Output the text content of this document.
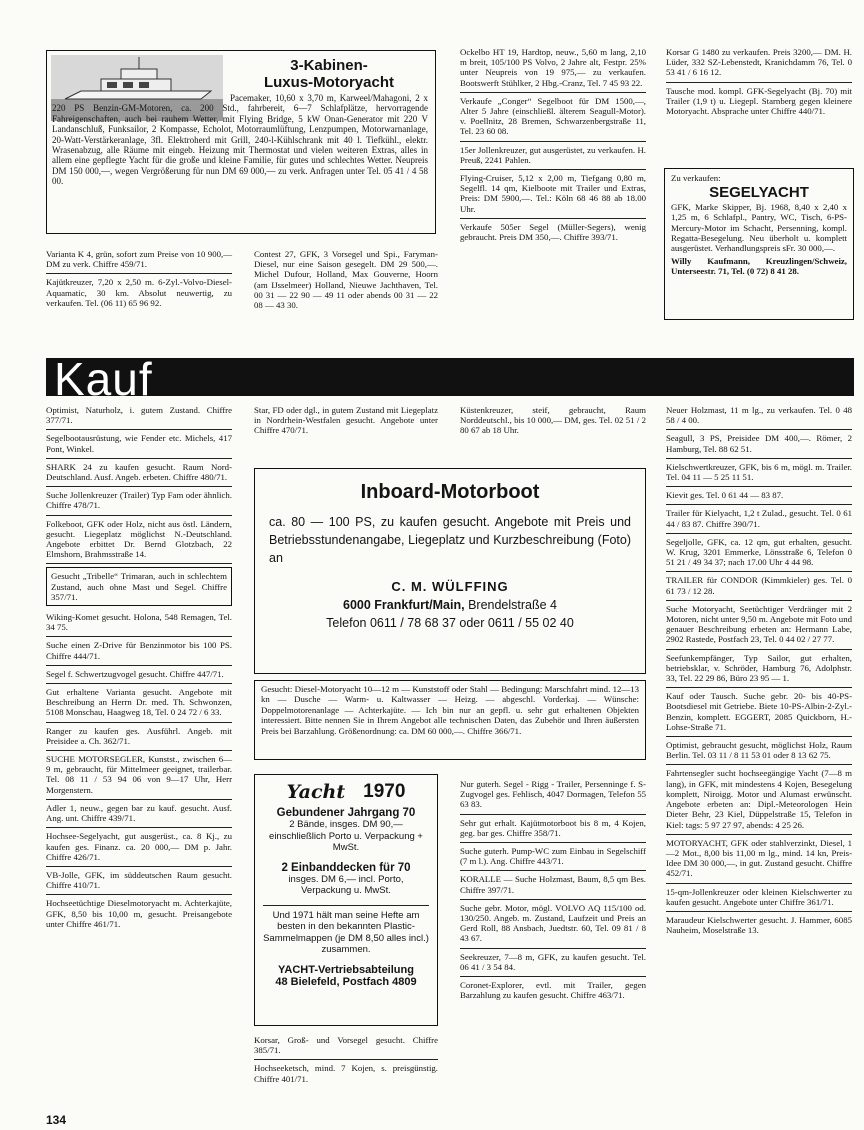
3-Kabinen-
Luxus-Motoryacht
Pacemaker, 10,60 x 3,70 m, Karweel/Mahagoni, 2 x 220 PS Benzin-GM-Motoren, ca. 200 Std., fahrbereit, 6—7 Schlafplätze, hervorragende Fahreigenschaften, auch bei rauhem Wetter, mit Flying Bridge, 5 kW Onan-Generator mit 220 V Landanschluß, Funksailor, 2 Kompasse, Echolot, Motorraumlüftung, Lenzpumpen, Motorwarnanlage, 20-Watt-Verstärkeranlage, 3fl. Elektroherd mit Grill, 240-l-Kühlschrank mit 40 l. Tiefkühl., elektr. Wrasenabzug, alle Räume mit eingeb. Heizung mit Thermostat und vielen weiteren Extras, alles in allem eine gepflegte Yacht für die große und kleine Familie, für gutes und schlechtes Wetter. Neupreis DM 150 000,—, wegen Vergrößerung für nun DM 69 000,— zu verk. Anfragen unter Tel. 05 41 / 4 58 00.

Varianta K 4, grün, sofort zum Preise von 10 900,— DM zu verk. Chiffre 459/71.

Kajütkreuzer, 7,20 x 2,50 m. 6-Zyl.-Volvo-Diesel-Aquamatic, 30 km. Absolut neuwertig, zu verkaufen. Tel. (06 11) 65 96 92.

Contest 27, GFK, 3 Vorsegel und Spi., Faryman-Diesel, nur eine Saison gesegelt. DM 29 500,—. Michel Dufour, Holland, Max Gouverne, Hoorn (am IJsselmeer) Holland, Nieuwe Jachthaven, Tel. 00 31 — 22 90 — 49 11 oder abends 00 31 — 22 08 — 43 30.

Ockelbo HT 19, Hardtop, neuw., 5,60 m lang, 2,10 m breit, 105/100 PS Volvo, 2 Jahre alt, Festpr. 25% unter Neupreis von 19 975,— zu verkaufen. Bootswerft Stühlker, 2 Hbg.-Cranz, Tel. 7 45 93 22.

Verkaufe „Conger“ Segelboot für DM 1500,—, Alter 5 Jahre (einschließl. älterem Seagull-Motor). v. Poellnitz, 28 Bremen, Schwarzenbergstraße 11, Tel. 23 60 08.

15er Jollenkreuzer, gut ausgerüstet, zu verkaufen. H. Preuß, 2241 Pahlen.

Flying-Cruiser, 5,12 x 2,00 m, Tiefgang 0,80 m, Segelfl. 14 qm, Kielboote mit Trailer und Extras, Preis: DM 5900,—. Tel.: Köln 68 46 88 ab 18.00 Uhr.

Verkaufe 505er Segel (Müller-Segers), wenig gebraucht. Preis DM 350,—. Chiffre 393/71.

Korsar G 1480 zu verkaufen. Preis 3200,— DM. H. Lüder, 332 SZ-Lebenstedt, Kranichdamm 76, Tel. 0 53 41 / 6 16 12.

Tausche mod. kompl. GFK-Segelyacht (Bj. 70) mit Trailer (1,9 t) u. Liegepl. Starnberg gegen kleinere Motoryacht. Absprache unter Chiffre 440/71.

Zu verkaufen:
SEGELYACHT
GFK, Marke Skipper, Bj. 1968, 8,40 x 2,40 x 1,25 m, 6 Schlafpl., Pantry, WC, Tisch, 6-PS-Mercury-Motor im Schacht, Persenning, kompl. Regatta-Besegelung. Neu überholt u. komplett ausgerüstet. Verhandlungspreis sFr. 30 000,—.
Willy Kaufmann, Kreuzlingen/Schweiz, Unterseestr. 71, Tel. (0 72) 8 41 28.
Kauf

Optimist, Naturholz, i. gutem Zustand. Chiffre 377/71.

Segelbootausrüstung, wie Fender etc. Michels, 417 Pont, Winkel.

SHARK 24 zu kaufen gesucht. Raum Nord-Deutschland. Ausf. Angeb. erbeten. Chiffre 480/71.

Suche Jollenkreuzer (Trailer) Typ Fam oder ähnlich. Chiffre 478/71.

Folkeboot, GFK oder Holz, nicht aus östl. Ländern, gesucht. Liegeplatz möglichst N.-Deutschland. Angebote erbittet Dr. Bernd Glotzbach, 22 Elmshorn, Brahmsstraße 14.

Gesucht „Tribelle“ Trimaran, auch in schlechtem Zustand, auch ohne Mast und Segel. Chiffre 357/71.

Wiking-Komet gesucht. Holona, 548 Remagen, Tel. 34 75.

Suche einen Z-Drive für Benzinmotor bis 100 PS. Chiffre 444/71.

Segel f. Schwertzugvogel gesucht. Chiffre 447/71.

Gut erhaltene Varianta gesucht. Angebote mit Beschreibung an Herrn Dr. med. Th. Schwonzen, 5108 Monschau, Haagweg 18, Tel. 0 24 72 / 6 33.

Ranger zu kaufen ges. Ausführl. Angeb. mit Preisidee a. Ch. 362/71.

SUCHE MOTORSEGLER, Kunstst., zwischen 6—9 m, gebraucht, für Mittelmeer geeignet, trailerbar. Tel. 08 11 / 53 94 06 von 9—17 Uhr, Herr Morgenstern.

Adler 1, neuw., gegen bar zu kauf. gesucht. Ausf. Ang. unt. Chiffre 439/71.

Hochsee-Segelyacht, gut ausgerüst., ca. 8 Kj., zu kaufen ges. Finanz. ca. 20 000,— DM p. Jahr. Chiffre 426/71.

VB-Jolle, GFK, im süddeutschen Raum gesucht. Chiffre 410/71.

Hochseetüchtige Dieselmotoryacht m. Achterkajüte, GFK, 8,50 bis 10,00 m, gesucht. Preisangebote unter Chiffre 461/71.

Star, FD oder dgl., in gutem Zustand mit Liegeplatz in Nordrhein-Westfalen gesucht. Angebote unter Chiffre 470/71.

Küstenkreuzer, steif, gebraucht, Raum Norddeutschl., bis 10 000,— DM, ges. Tel. 02 51 / 2 80 67 ab 18 Uhr.

Inboard-Motorboot
ca. 80 — 100 PS, zu kaufen gesucht. Angebote mit Preis und Betriebsstundenangabe, Liegeplatz und Kurzbeschreibung (Foto) an
C. M. WÜLFFING
6000 Frankfurt/Main, Brendelstraße 4
Telefon 0611 / 78 68 37 oder 0611 / 55 02 40
Gesucht: Diesel-Motoryacht 10—12 m — Kunststoff oder Stahl — Bedingung: Marschfahrt mind. 12—13 kn — Dusche — Warm- u. Kaltwasser — Heizg. — abgeschl. Vorderkaj. — Wünsche: Doppelmotorenanlage — Achterkajüte. — Ich bin nur an gepfl. u. sehr gut erhaltenen Objekten interessiert. Bitte nennen Sie in Ihrem Angebot alle technischen Daten, das Zubehör und Ihren äußersten Preis bei Barzahlung. Größenordnung: ca. DM 60 000,—. Chiffre 366/71.
Yacht 1970
Gebundener Jahrgang 70
2 Bände, insges. DM 90,— einschließlich Porto u. Verpackung + MwSt.
2 Einbanddecken für 70
insges. DM 6,— incl. Porto, Verpackung u. MwSt.
Und 1971 hält man seine Hefte am besten in den bekannten Plastic-Sammelmappen (je DM 8,50 alles incl.) zusammen.
YACHT-Vertriebsabteilung
48 Bielefeld, Postfach 4809

Korsar, Groß- und Vorsegel gesucht. Chiffre 385/71.

Hochseeketsch, mind. 7 Kojen, s. preisgünstig. Chiffre 401/71.

Nur guterh. Segel - Rigg - Trailer, Persenninge f. S-Zugvogel ges. Fehlisch, 4047 Dormagen, Telefon 55 63 83.

Sehr gut erhalt. Kajütmotorboot bis 8 m, 4 Kojen, geg. bar ges. Chiffre 358/71.

Suche guterh. Pump-WC zum Einbau in Segelschiff (7 m l.). Ang. Chiffre 443/71.

KORALLE — Suche Holzmast, Baum, 8,5 qm Bes. Chiffre 397/71.

Suche gebr. Motor, mögl. VOLVO AQ 115/100 od. 130/250. Angeb. m. Zustand, Laufzeit und Preis an Gerd Roll, 88 Ansbach, Juedtstr. 60, Tel. 09 81 / 8 43 67.

Seekreuzer, 7—8 m, GFK, zu kaufen gesucht. Tel. 06 41 / 3 54 84.

Coronet-Explorer, evtl. mit Trailer, gegen Barzahlung zu kaufen gesucht. Chiffre 463/71.

Neuer Holzmast, 11 m lg., zu verkaufen. Tel. 0 48 58 / 4 00.

Seagull, 3 PS, Preisidee DM 400,—. Römer, 2 Hamburg, Tel. 88 62 51.

Kielschwertkreuzer, GFK, bis 6 m, mögl. m. Trailer. Tel. 04 11 — 5 25 11 51.

Kievit ges. Tel. 0 61 44 — 83 87.

Trailer für Kielyacht, 1,2 t Zulad., gesucht. Tel. 0 61 44 / 83 87. Chiffre 390/71.

Segeljolle, GFK, ca. 12 qm, gut erhalten, gesucht. W. Krug, 3201 Emmerke, Lönsstraße 6, Telefon 0 51 21 / 49 34 37; nach 17.00 Uhr 4 44 98.

TRAILER für CONDOR (Kimmkieler) ges. Tel. 0 61 73 / 12 28.

Suche Motoryacht, Seetüchtiger Verdränger mit 2 Motoren, nicht unter 9,50 m. Angebote mit Foto und genauer Beschreibung erbeten an: Hermann Labe, 2902 Rastede, Postfach 23, Tel. 0 44 02 / 27 77.

Seefunkempfänger, Typ Sailor, gut erhalten, betriebsklar, v. Schröder, Hamburg 76, Adolphstr. 33, Tel. 22 29 86, Büro 23 95 — 1.

Kauf oder Tausch. Suche gebr. 20- bis 40-PS-Bootsdiesel mit Getriebe. Biete 10-PS-Albin-2-Zyl.-Benzin, komplett. EGGERT, 2085 Quickborn, H.-Lohse-Straße 71.

Optimist, gebraucht gesucht, möglichst Holz, Raum Berlin. Tel. 03 11 / 8 11 53 01 oder 8 13 62 75.

Fahrtensegler sucht hochseegängige Yacht (7—8 m lang), in GFK, mit mindestens 4 Kojen, Besegelung komplett, Niroigg. Motor und Alumast erwünscht. Angebote erbeten an: Dipl.-Meteorologen Hein Dieter Behr, 23 Kiel, Düppelstraße 15, Telefon in Kiel: tags: 5 97 27 97, abends: 4 25 26.

MOTORYACHT, GFK oder stahlverzinkt, Diesel, 1—2 Mot., 8,00 bis 11,00 m lg., mind. 14 kn, Preis-Idee DM 30 000,—, in gut. Zustand gesucht. Chiffre 452/71.

15-qm-Jollenkreuzer oder kleinen Kielschwerter zu kaufen gesucht. Angebote unter Chiffre 361/71.

Maraudeur Kielschwerter gesucht. J. Hammer, 6085 Nauheim, Moselstraße 13.

134
